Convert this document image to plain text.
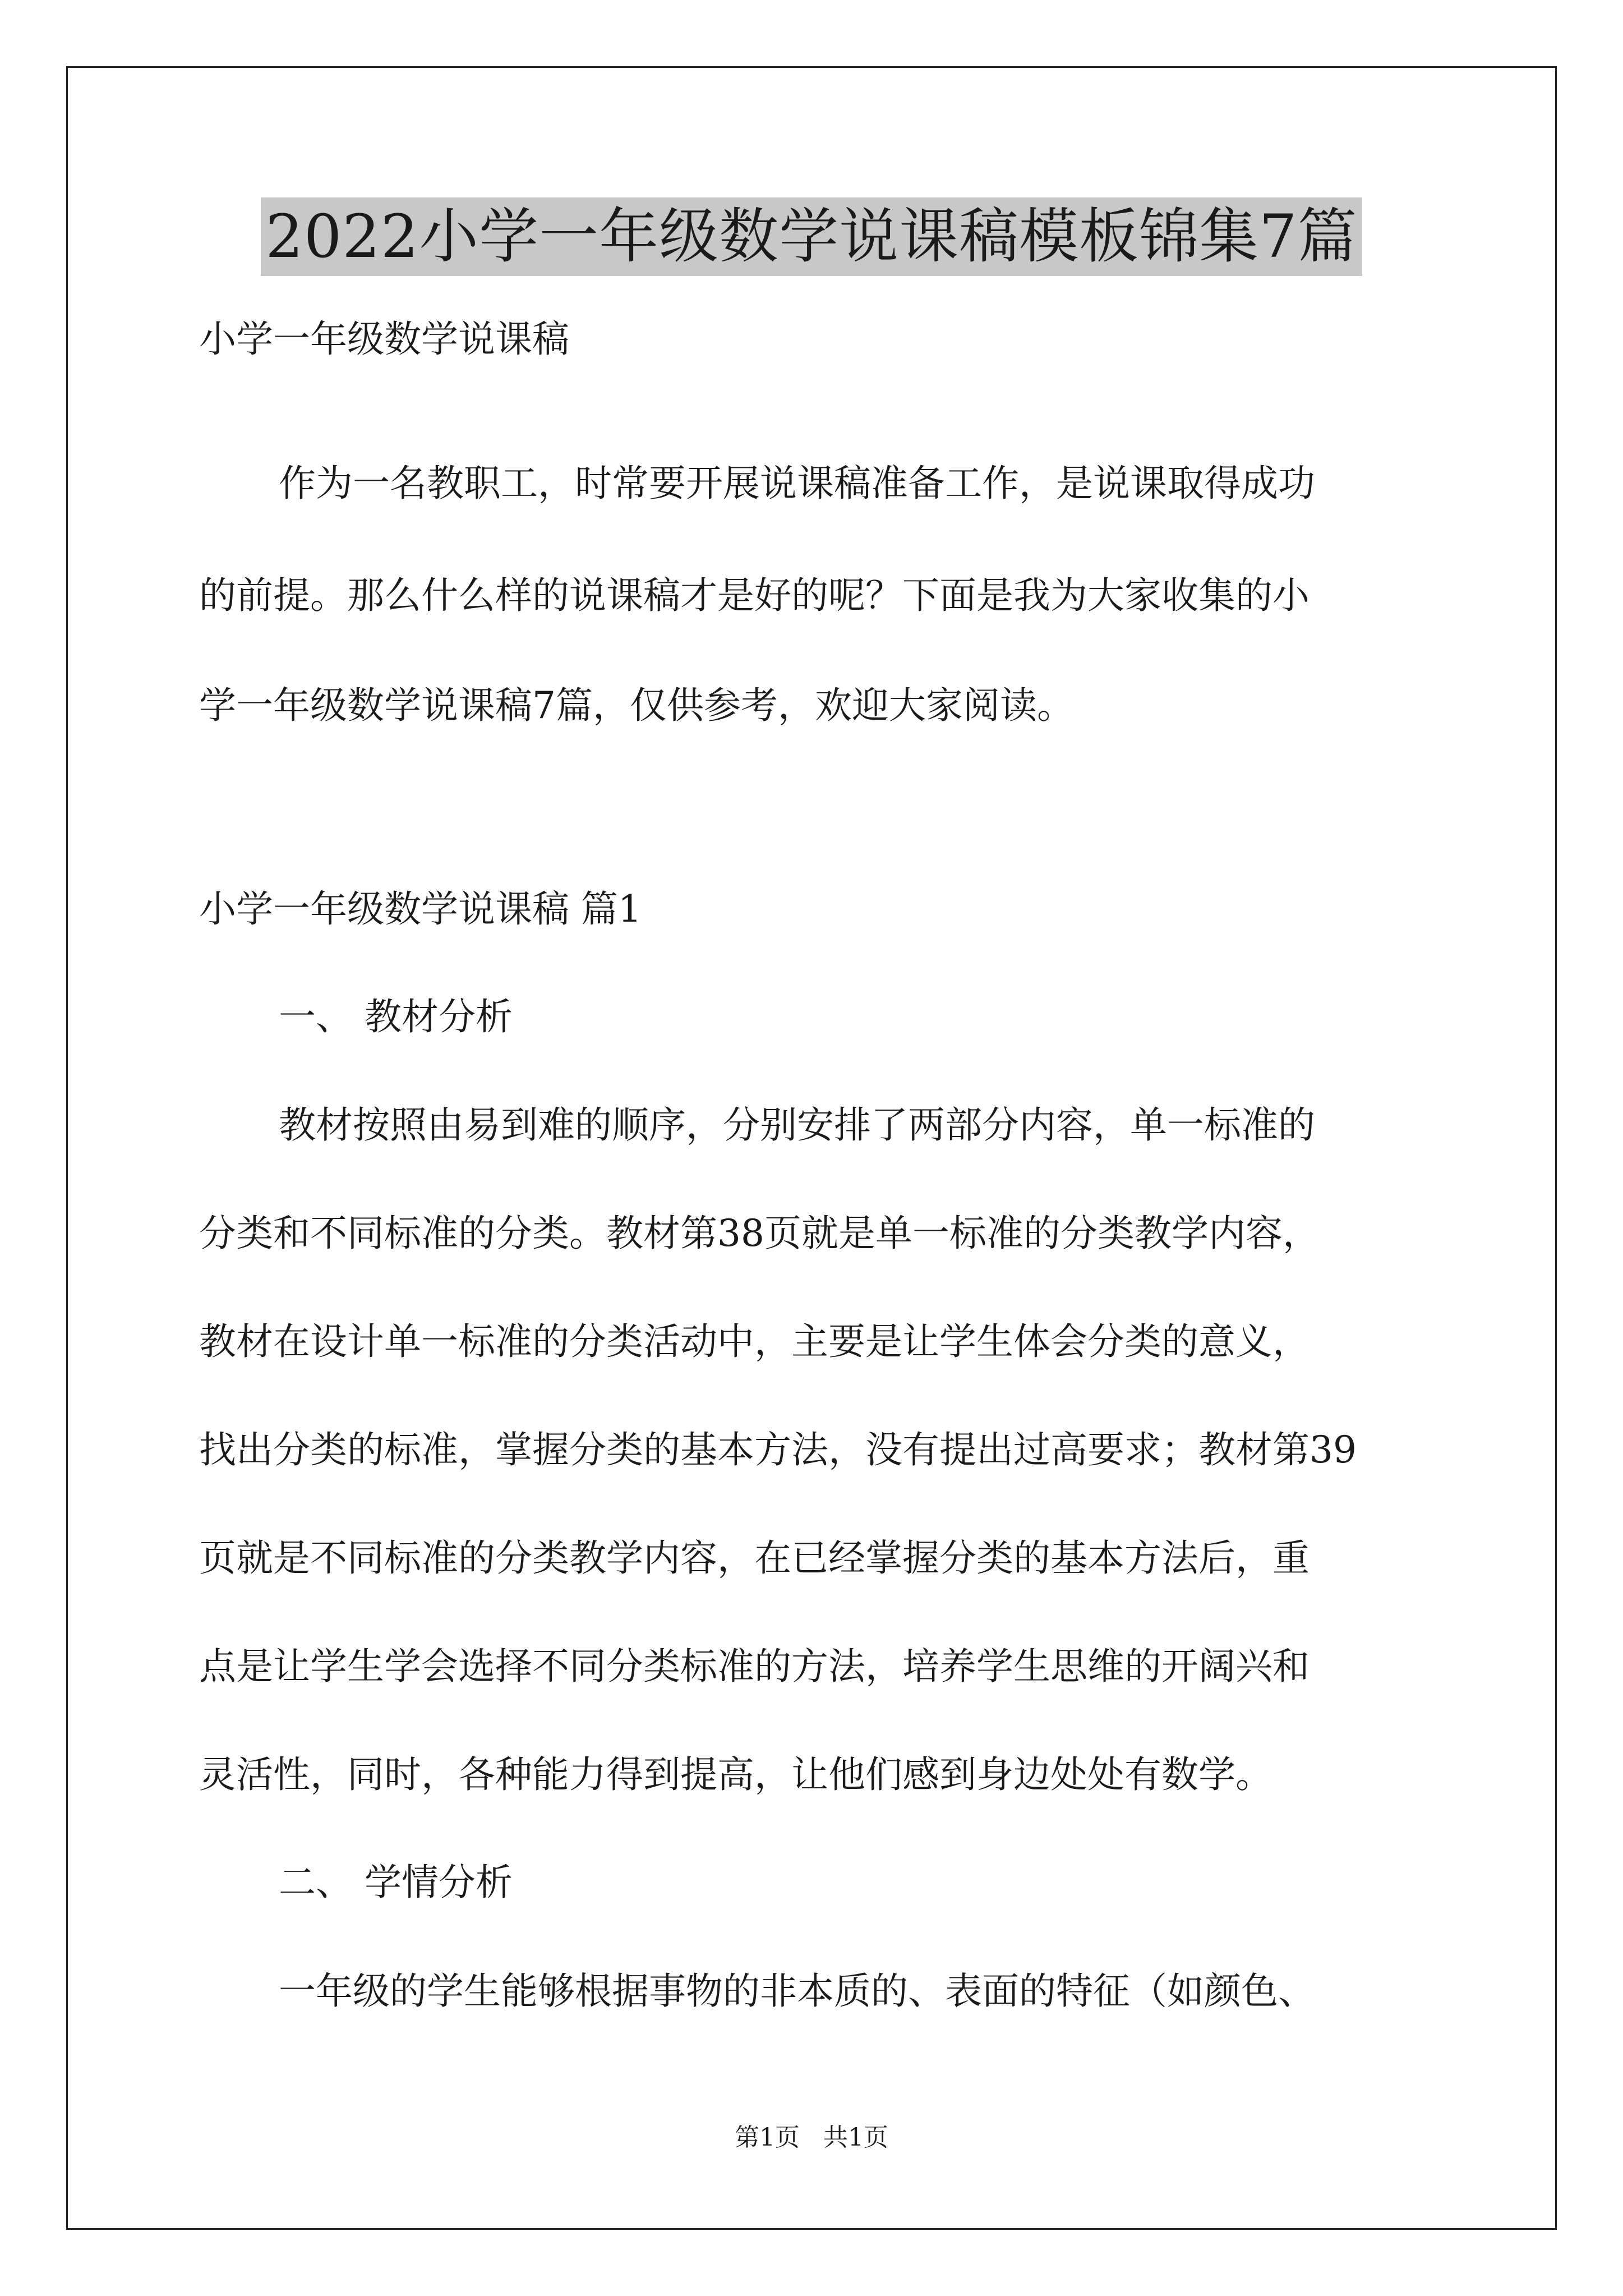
2022小学一年级数学说课稿模板锦集7篇
小学一年级数学说课稿
作为一名教职工，时常要开展说课稿准备工作，是说课取得成功
的前提。那么什么样的说课稿才是好的呢？下面是我为大家收集的小
学一年级数学说课稿7篇，仅供参考，欢迎大家阅读。
小学一年级数学说课稿 篇1
一、 教材分析
教材按照由易到难的顺序，分别安排了两部分内容，单一标准的
分类和不同标准的分类。教材第38页就是单一标准的分类教学内容，
教材在设计单一标准的分类活动中，主要是让学生体会分类的意义，
找出分类的标准，掌握分类的基本方法，没有提出过高要求；教材第39
页就是不同标准的分类教学内容，在已经掌握分类的基本方法后，重
点是让学生学会选择不同分类标准的方法，培养学生思维的开阔兴和
灵活性，同时，各种能力得到提高，让他们感到身边处处有数学。
二、 学情分析
一年级的学生能够根据事物的非本质的、表面的特征（如颜色、
第1页 共1页
